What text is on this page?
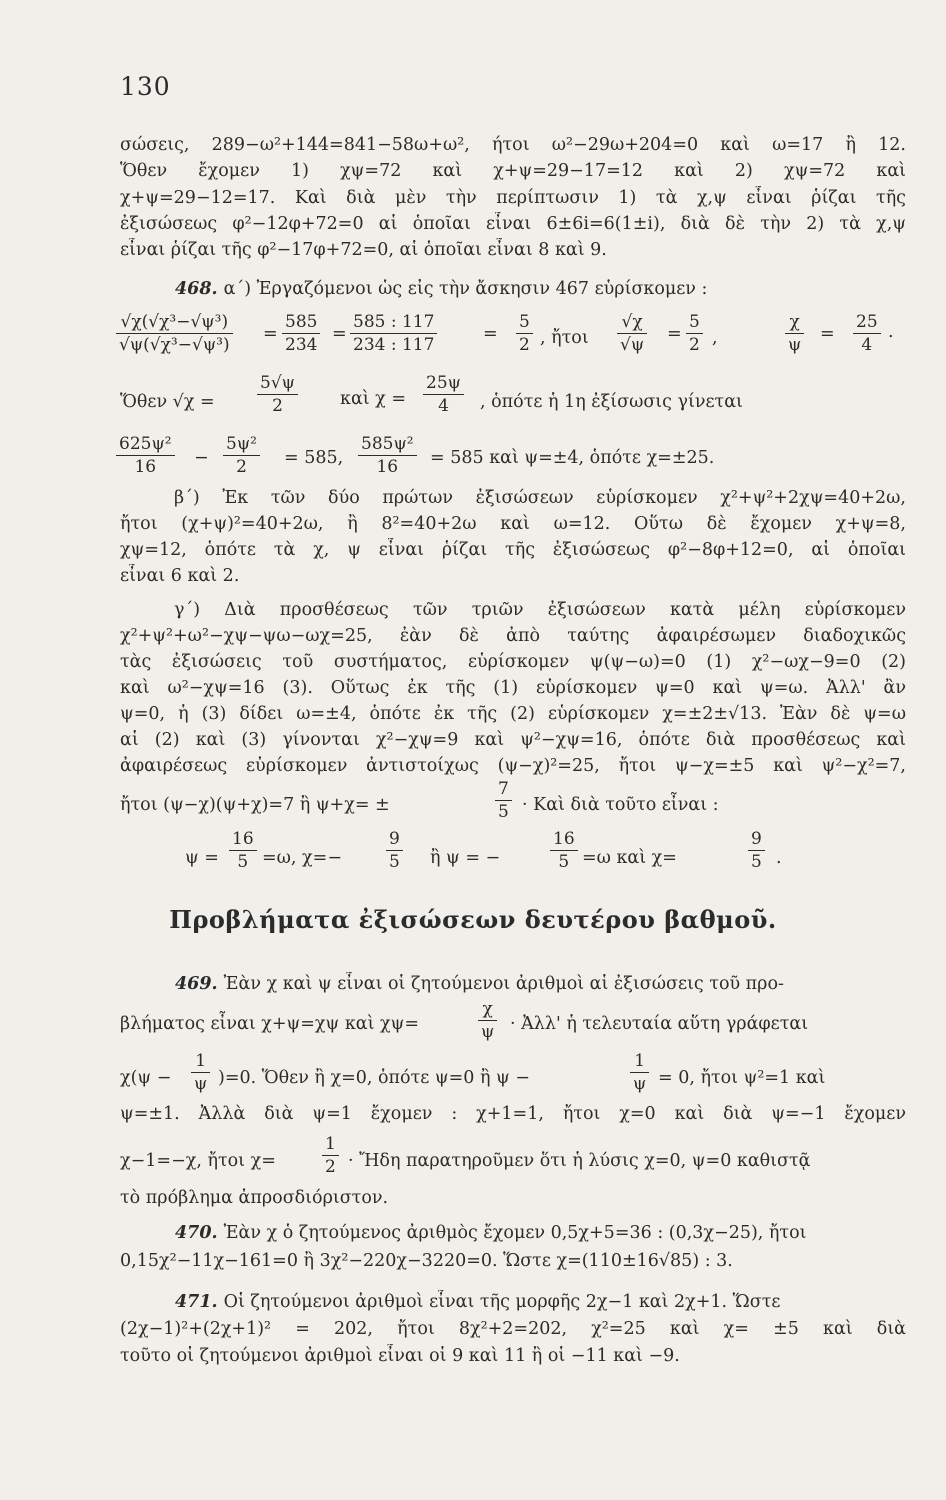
130
σώσεις, 289−ω²+144=841−58ω+ω², ήτοι ω²−29ω+204=0 καὶ ω=17 ἢ 12.
Ὅθεν ἔχομεν 1) χψ=72 καὶ χ+ψ=29−17=12 καὶ 2) χψ=72 καὶ
χ+ψ=29−12=17. Καὶ διὰ μὲν τὴν περίπτωσιν 1) τὰ χ,ψ εἶναι ῥίζαι τῆς
ἐξισώσεως φ²−12φ+72=0 αἱ ὁποῖαι εἶναι 6±6i=6(1±i), διὰ δὲ τὴν 2) τὰ χ,ψ
εἶναι ῥίζαι τῆς φ²−17φ+72=0, αἱ ὁποῖαι εἶναι 8 καὶ 9.
468. α΄) Ἐργαζόμενοι ὡς εἰς τὴν ἄσκησιν 467 εὑρίσκομεν :
$\frac{\text{√χ(√χ³−√ψ³)}}{\text{√ψ(√χ³−√ψ³)}} = \frac{585}{234} = \frac{585 : 117}{234 : 117}$	= $\frac{5}{2}$ , ἤτοι $\frac{√\chi}{√\psi} = \frac{5}{2}$ ,	$\frac{\chi}{\psi} = \frac{25}{4}$ .
Ὅθεν $√\chi = \frac{5√\psi}{2}$ καὶ $\chi = \frac{25\psi}{4}$ , ὁπότε ἡ 1η ἐξίσωσις γίνεται
$\frac{\text{625ψ²}}{16} - \frac{\text{5ψ²}}{2} = 585$, $\frac{\text{585ψ²}}{16} = 585$ καὶ ψ=±4, ὁπότε χ=±25.
β΄) Ἐκ τῶν δύο πρώτων ἐξισώσεων εὑρίσκομεν χ²+ψ²+2χψ=40+2ω,
ἤτοι (χ+ψ)²=40+2ω, ἢ 8²=40+2ω καὶ ω=12. Οὕτω δὲ ἔχομεν χ+ψ=8,
χψ=12, ὁπότε τὰ χ, ψ εἶναι ῥίζαι τῆς ἐξισώσεως φ²−8φ+12=0, αἱ ὁποῖαι
εἶναι 6 καὶ 2.
γ΄) Διὰ προσθέσεως τῶν τριῶν ἐξισώσεων κατὰ μέλη εὑρίσκομεν
χ²+ψ²+ω²−χψ−ψω−ωχ=25, ἐὰν δὲ ἀπὸ ταύτης ἀφαιρέσωμεν διαδοχικῶς
τὰς ἐξισώσεις τοῦ συστήματος, εὑρίσκομεν ψ(ψ−ω)=0 (1) χ²−ωχ−9=0 (2)
καὶ ω²−χψ=16 (3). Οὕτως ἐκ τῆς (1) εὑρίσκομεν ψ=0 καὶ ψ=ω. Ἀλλ' ἂν
ψ=0, ἡ (3) δίδει ω=±4, ὁπότε ἐκ τῆς (2) εὑρίσκομεν χ=±2±√13. Ἐὰν δὲ ψ=ω
αἱ (2) καὶ (3) γίνονται χ²−χψ=9 καὶ ψ²−χψ=16, ὁπότε διὰ προσθέσεως καὶ
ἀφαιρέσεως εὑρίσκομεν ἀντιστοίχως (ψ−χ)²=25, ἤτοι ψ−χ=±5 καὶ ψ²−χ²=7,
ἤτοι (ψ−χ)(ψ+χ)=7 ἢ ψ+χ= ±	$\frac{7}{5}$ · Καὶ διὰ τοῦτο εἶναι :
$\psi = \frac{16}{5} =\omega$, χ=−	$\frac{9}{5}$ ἢ ψ = −	$\frac{16}{5} =\omega$ καὶ χ=	$\frac{9}{5}$ .
Προβλήματα ἐξισώσεων δευτέρου βαθμοῦ.
469. Ἐὰν χ καὶ ψ εἶναι οἱ ζητούμενοι ἀριθμοὶ αἱ ἐξισώσεις τοῦ προ-
βλήματος εἶναι χ+ψ=χψ καὶ χψ=	$\frac{\chi}{\psi}$ · Ἀλλ' ἡ τελευταία αὕτη γράφεται
$\chi(\psi - \frac{1}{\psi} )=0$. Ὅθεν ἢ χ=0, ὁπότε ψ=0 ἢ ψ −	$\frac{1}{\psi} = 0$, ἤτοι ψ²=1 καὶ
ψ=±1. Ἀλλὰ διὰ ψ=1 ἔχομεν : χ+1=1, ἤτοι χ=0 καὶ διὰ ψ=−1 ἔχομεν
χ−1=−χ, ἤτοι χ=	$\frac{1}{2}$ · Ἤδη παρατηροῦμεν ὅτι ἡ λύσις χ=0, ψ=0 καθιστᾷ
τὸ πρόβλημα ἀπροσδιόριστον.
470. Ἐὰν χ ὁ ζητούμενος ἀριθμὸς ἔχομεν 0,5χ+5=36 : (0,3χ−25), ἤτοι
0,15χ²−11χ−161=0 ἢ 3χ²−220χ−3220=0. Ὥστε χ=(110±16√85) : 3.
471. Οἱ ζητούμενοι ἀριθμοὶ εἶναι τῆς μορφῆς 2χ−1 καὶ 2χ+1. Ὥστε
(2χ−1)²+(2χ+1)² = 202, ἤτοι 8χ²+2=202, χ²=25 καὶ χ= ±5 καὶ διὰ
τοῦτο οἱ ζητούμενοι ἀριθμοὶ εἶναι οἱ 9 καὶ 11 ἢ οἱ −11 καὶ −9.
